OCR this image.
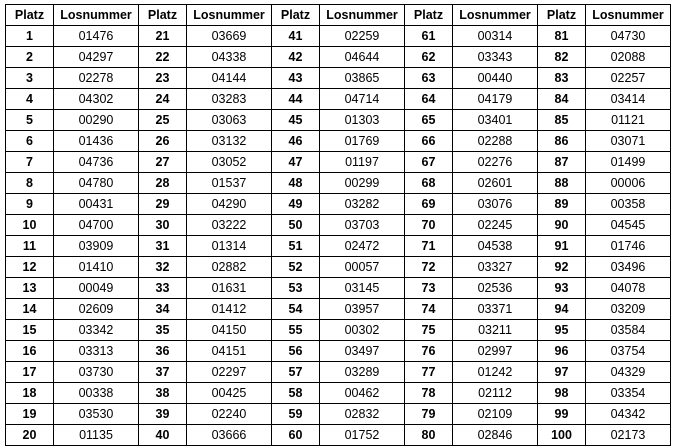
Platz	Losnummer	Platz	Losnummer	Platz	Losnummer	Platz	Losnummer	Platz	Losnummer
1	01476	21	03669	41	02259	61	00314	81	04730
2	04297	22	04338	42	04644	62	03343	82	02088
3	02278	23	04144	43	03865	63	00440	83	02257
4	04302	24	03283	44	04714	64	04179	84	03414
5	00290	25	03063	45	01303	65	03401	85	01121
6	01436	26	03132	46	01769	66	02288	86	03071
7	04736	27	03052	47	01197	67	02276	87	01499
8	04780	28	01537	48	00299	68	02601	88	00006
9	00431	29	04290	49	03282	69	03076	89	00358
10	04700	30	03222	50	03703	70	02245	90	04545
11	03909	31	01314	51	02472	71	04538	91	01746
12	01410	32	02882	52	00057	72	03327	92	03496
13	00049	33	01631	53	03145	73	02536	93	04078
14	02609	34	01412	54	03957	74	03371	94	03209
15	03342	35	04150	55	00302	75	03211	95	03584
16	03313	36	04151	56	03497	76	02997	96	03754
17	03730	37	02297	57	03289	77	01242	97	04329
18	00338	38	00425	58	00462	78	02112	98	03354
19	03530	39	02240	59	02832	79	02109	99	04342
20	01135	40	03666	60	01752	80	02846	100	02173
